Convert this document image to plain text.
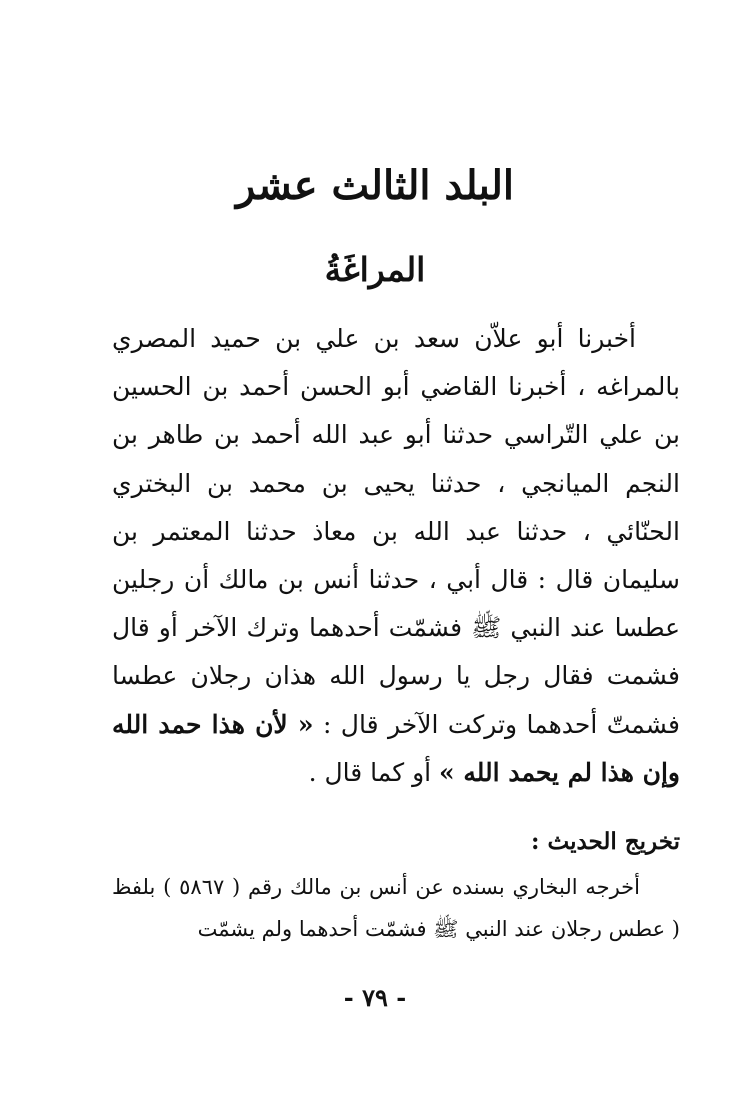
البلد الثالث عشر
المراغَةُ

أخبرنا أبو علاّن سعد بن علي بن حميد المصري بالمراغه ، أخبرنا القاضي أبو الحسن أحمد بن الحسين بن علي التّراسي حدثنا أبو عبد الله أحمد بن طاهر بن النجم الميانجي ، حدثنا يحيى بن محمد بن البختري الحنّائي ، حدثنا عبد الله بن معاذ حدثنا المعتمر بن سليمان قال : قال أبي ، حدثنا أنس بن مالك أن رجلين عطسا عند النبي ﷺ فشمّت أحدهما وترك الآخر أو قال فشمت فقال رجل يا رسول الله هذان رجلان عطسا فشمتّ أحدهما وتركت الآخر قال : « لأن هذا حمد الله وإن هذا لم يحمد الله » أو كما قال .

تخريج الحديث :

أخرجه البخاري بسنده عن أنس بن مالك رقم ( ٥٨٦٧ ) بلفظ ( عطس رجلان عند النبي ﷺ فشمّت أحدهما ولم يشمّت

- ٧٩ -
